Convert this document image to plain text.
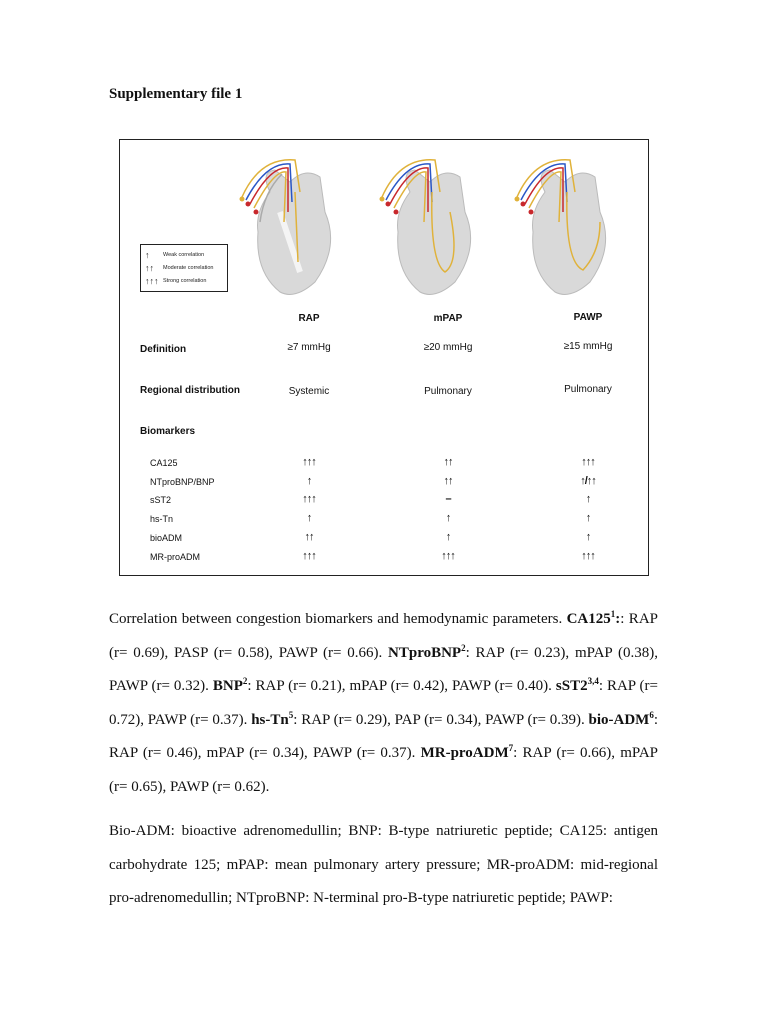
Supplementary file 1
↑	Weak correlation
↑↑	Moderate correlation
↑↑↑ Strong correlation
RAP	mPAP	PAWP
Definition	≥7 mmHg	≥20 mmHg	≥15 mmHg
Regional distribution	Systemic	Pulmonary	Pulmonary
Biomarkers
CA125	↑↑↑	↑↑	↑↑↑
NTproBNP/BNP	↑	↑↑	↑/↑↑
sST2	↑↑↑	–	↑
hs-Tn	↑	↑	↑
bioADM	↑↑	↑	↑
MR-proADM	↑↑↑	↑↑↑	↑↑↑

Correlation between congestion biomarkers and hemodynamic parameters. $CA125^1$:: RAP (r= 0.69), PASP (r= 0.58), PAWP (r= 0.66). NTproBNP$^2$: RAP (r= 0.23), mPAP (0.38), PAWP (r= 0.32). BNP$^2$: RAP (r= 0.21), mPAP (r= 0.42), PAWP (r= 0.40). sST2$^{3,4}$: RAP (r= 0.72), PAWP (r= 0.37). hs-Tn$^5$: RAP (r= 0.29), PAP (r= 0.34), PAWP (r= 0.39). bio-ADM$^6$: RAP (r= 0.46), mPAP (r= 0.34), PAWP (r= 0.37). MR-proADM$^7$: RAP (r= 0.66), mPAP (r= 0.65), PAWP (r= 0.62).

Bio-ADM: bioactive adrenomedullin; BNP: B-type natriuretic peptide; CA125: antigen carbohydrate 125; mPAP: mean pulmonary artery pressure; MR-proADM: mid-regional pro-adrenomedullin; NTproBNP: N-terminal pro-B-type natriuretic peptide; PAWP:
